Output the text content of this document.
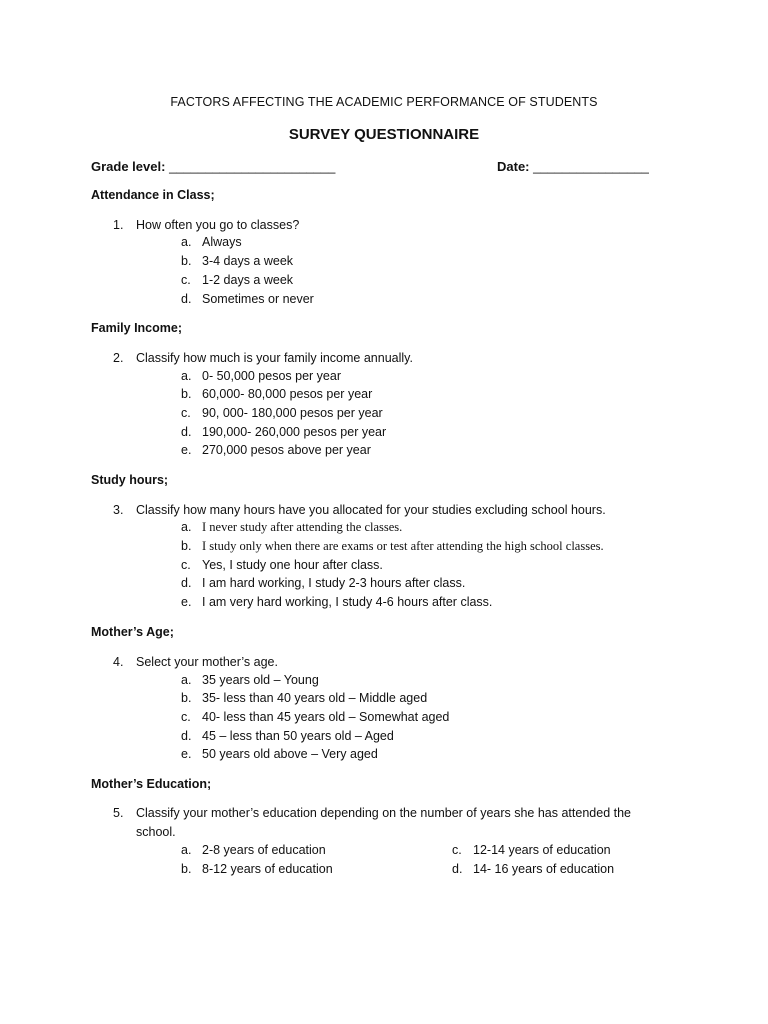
FACTORS AFFECTING THE ACADEMIC PERFORMANCE OF STUDENTS
SURVEY QUESTIONNAIRE
Grade level: _______________________	Date: ________________
Attendance in Class;
1. How often you go to classes?
a. Always
b. 3-4 days a week
c. 1-2 days a week
d. Sometimes or never
Family Income;
2. Classify how much is your family income annually.
a. 0- 50,000 pesos per year
b. 60,000- 80,000 pesos per year
c. 90, 000- 180,000 pesos per year
d. 190,000- 260,000 pesos per year
e. 270,000 pesos above per year
Study hours;
3. Classify how many hours have you allocated for your studies excluding school hours.
a. I never study after attending the classes.
b. I study only when there are exams or test after attending the high school classes.
c. Yes, I study one hour after class.
d. I am hard working, I study 2-3 hours after class.
e. I am very hard working, I study 4-6 hours after class.
Mother’s Age;
4. Select your mother’s age.
a. 35 years old – Young
b. 35- less than 40 years old – Middle aged
c. 40- less than 45 years old – Somewhat aged
d. 45 – less than 50 years old – Aged
e. 50 years old above – Very aged
Mother’s Education;
5.	Classify your mother’s education depending on the number of years she has attended the school.
a. 2-8 years of education
b. 8-12 years of education
c. 12-14 years of education
d. 14- 16 years of education
